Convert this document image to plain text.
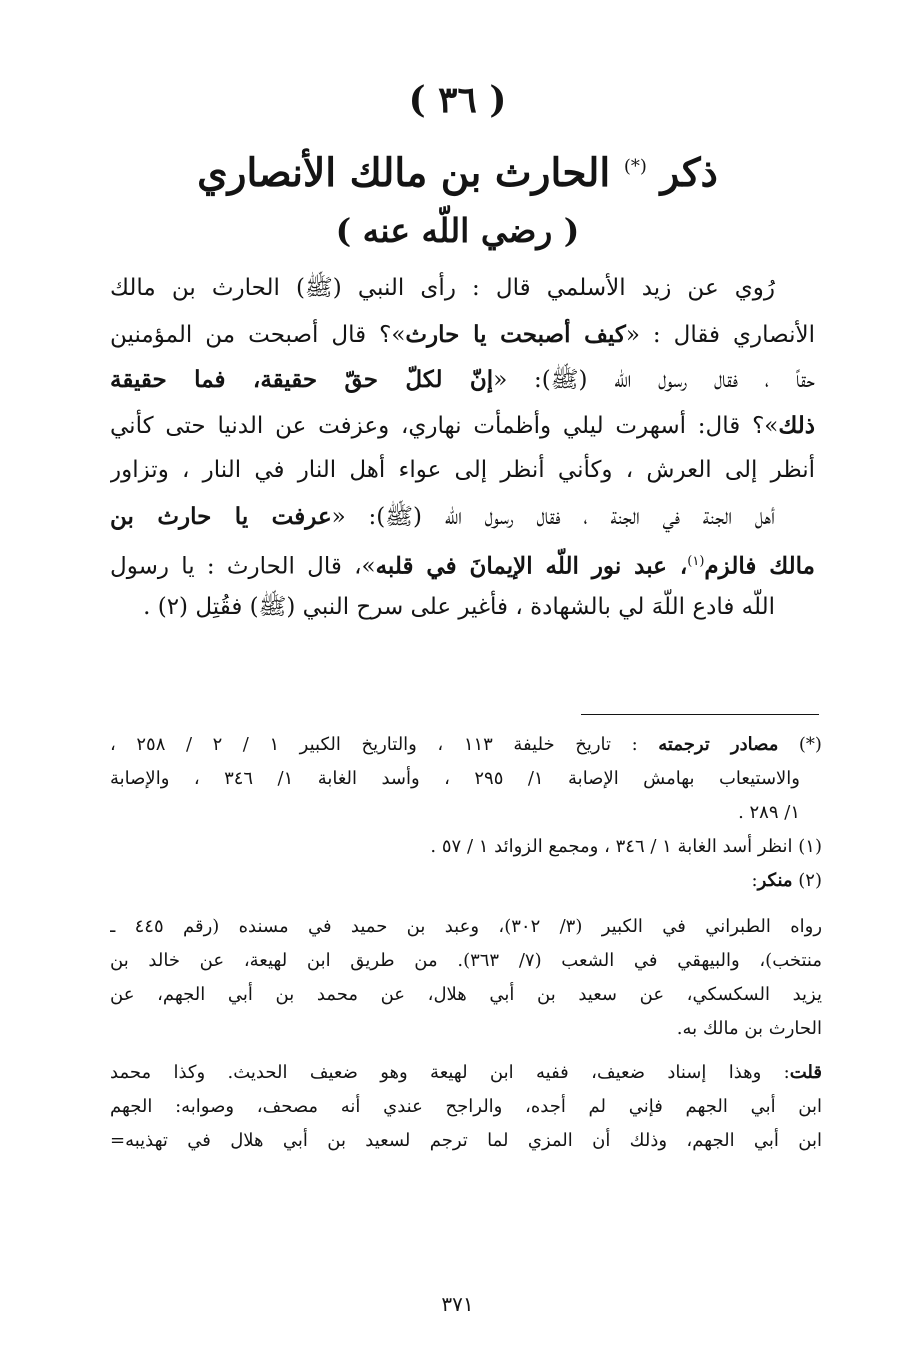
( ٣٦ )
ذكر (*) الحارث بن مالك الأنصاري
( رضي اللّه عنه )
رُوي عن زيد الأسلمي قال : رأى النبي (ﷺ) الحارث بن مالك
الأنصاري فقال : «كيف أصبحت يا حارث»؟ قال أصبحت من المؤمنين
حقاً ، فقال رسول اللّه (ﷺ): «إنّ لكلّ حقّ حقيقة، فما حقيقة
ذلك»؟ قال: أسهرت ليلي وأظمأت نهاري، وعزفت عن الدنيا حتى كأني
أنظر إلى العرش ، وكأني أنظر إلى عواء أهل النار في النار ، وتزاور
أهل الجنة في الجنة ، فقال رسول الله (ﷺ): «عرفت يا حارث بن
مالك فالزم$^{(١)}$، عبد نور اللّه الإيمانَ في قلبه»، قال الحارث : يا رسول
اللّه فادع اللّهَ لي بالشهادة ، فأغير على سرح النبي (ﷺ) فقُتِل (٢) .
(*) مصادر ترجمته : تاريخ خليفة ١١٣ ، والتاريخ الكبير ١ / ٢ / ٢٥٨ ،
والاستيعاب بهامش الإصابة ١/ ٢٩٥ ، وأسد الغابة ١/ ٣٤٦ ، والإصابة
١/ ٢٨٩ .
(١) انظر أسد الغابة ١ / ٣٤٦ ، ومجمع الزوائد ١ / ٥٧ .
(٢) منكر:
رواه الطبراني في الكبير (٣/ ٣٠٢)، وعبد بن حميد في مسنده (رقم ٤٤٥ ـ
منتخب)، والبيهقي في الشعب (٧/ ٣٦٣). من طريق ابن لهيعة، عن خالد بن
يزيد السكسكي، عن سعيد بن أبي هلال، عن محمد بن أبي الجهم، عن
الحارث بن مالك به.
قلت: وهذا إسناد ضعيف، ففيه ابن لهيعة وهو ضعيف الحديث. وكذا محمد
ابن أبي الجهم فإني لم أجده، والراجح عندي أنه مصحف، وصوابه: الجهم
ابن أبي الجهم، وذلك أن المزي لما ترجم لسعيد بن أبي هلال في تهذيبه=
٣٧١
